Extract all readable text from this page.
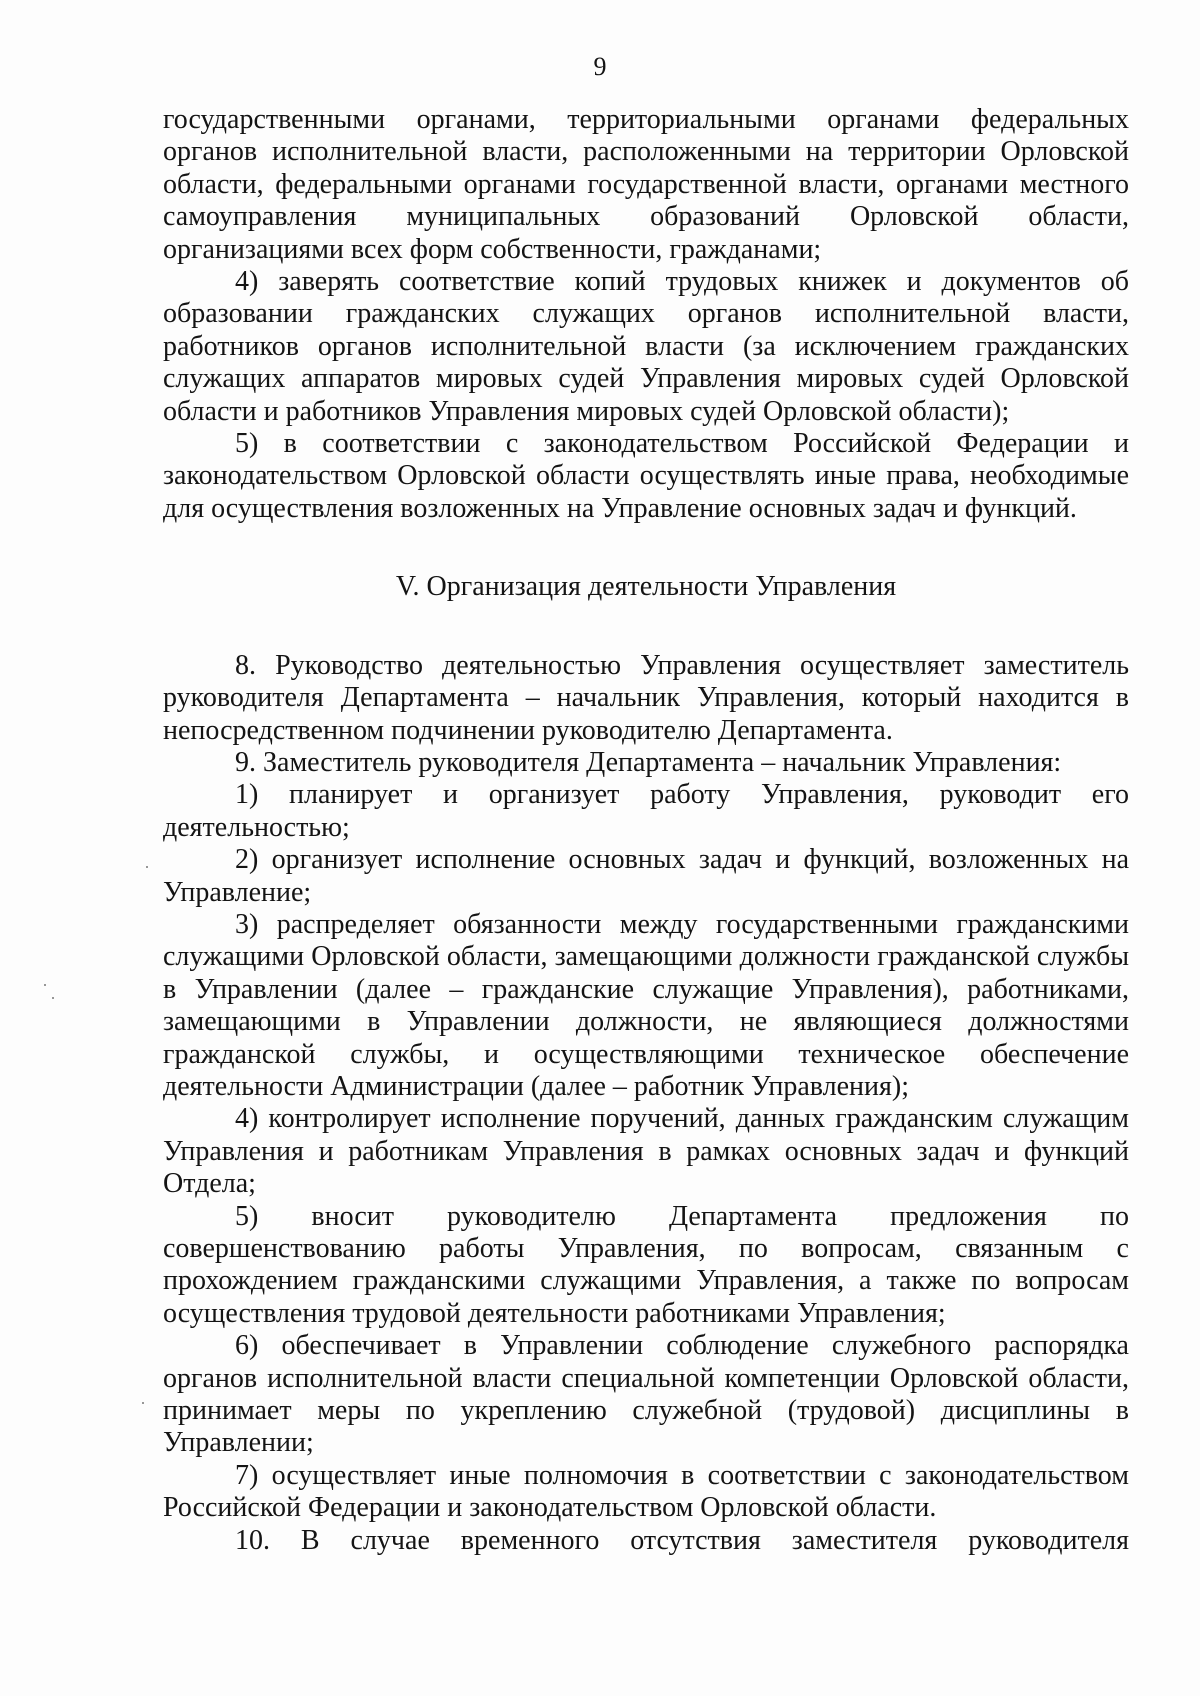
9

государственными органами, территориальными органами федеральных органов исполнительной власти, расположенными на территории Орловской области, федеральными органами государственной власти, органами местного самоуправления муниципальных образований Орловской области, организациями всех форм собственности, гражданами;

4) заверять соответствие копий трудовых книжек и документов об образовании гражданских служащих органов исполнительной власти, работников органов исполнительной власти (за исключением гражданских служащих аппаратов мировых судей Управления мировых судей Орловской области и работников Управления мировых судей Орловской области);

5) в соответствии с законодательством Российской Федерации и законодательством Орловской области осуществлять иные права, необходимые для осуществления возложенных на Управление основных задач и функций.

V. Организация деятельности Управления

8. Руководство деятельностью Управления осуществляет заместитель руководителя Департамента – начальник Управления, который находится в непосредственном подчинении руководителю Департамента.

9. Заместитель руководителя Департамента – начальник Управления:

1) планирует и организует работу Управления, руководит его деятельностью;

2) организует исполнение основных задач и функций, возложенных на Управление;

3) распределяет обязанности между государственными гражданскими служащими Орловской области, замещающими должности гражданской службы в Управлении (далее – гражданские служащие Управления), работниками, замещающими в Управлении должности, не являющиеся должностями гражданской службы, и осуществляющими техническое обеспечение деятельности Администрации (далее – работник Управления);

4) контролирует исполнение поручений, данных гражданским служащим Управления и работникам Управления в рамках основных задач и функций Отдела;

5) вносит руководителю Департамента предложения по совершенствованию работы Управления, по вопросам, связанным с прохождением гражданскими служащими Управления, а также по вопросам осуществления трудовой деятельности работниками Управления;

6) обеспечивает в Управлении соблюдение служебного распорядка органов исполнительной власти специальной компетенции Орловской области, принимает меры по укреплению служебной (трудовой) дисциплины в Управлении;

7) осуществляет иные полномочия в соответствии с законодательством Российской Федерации и законодательством Орловской области.

10. В случае временного отсутствия заместителя руководителя
